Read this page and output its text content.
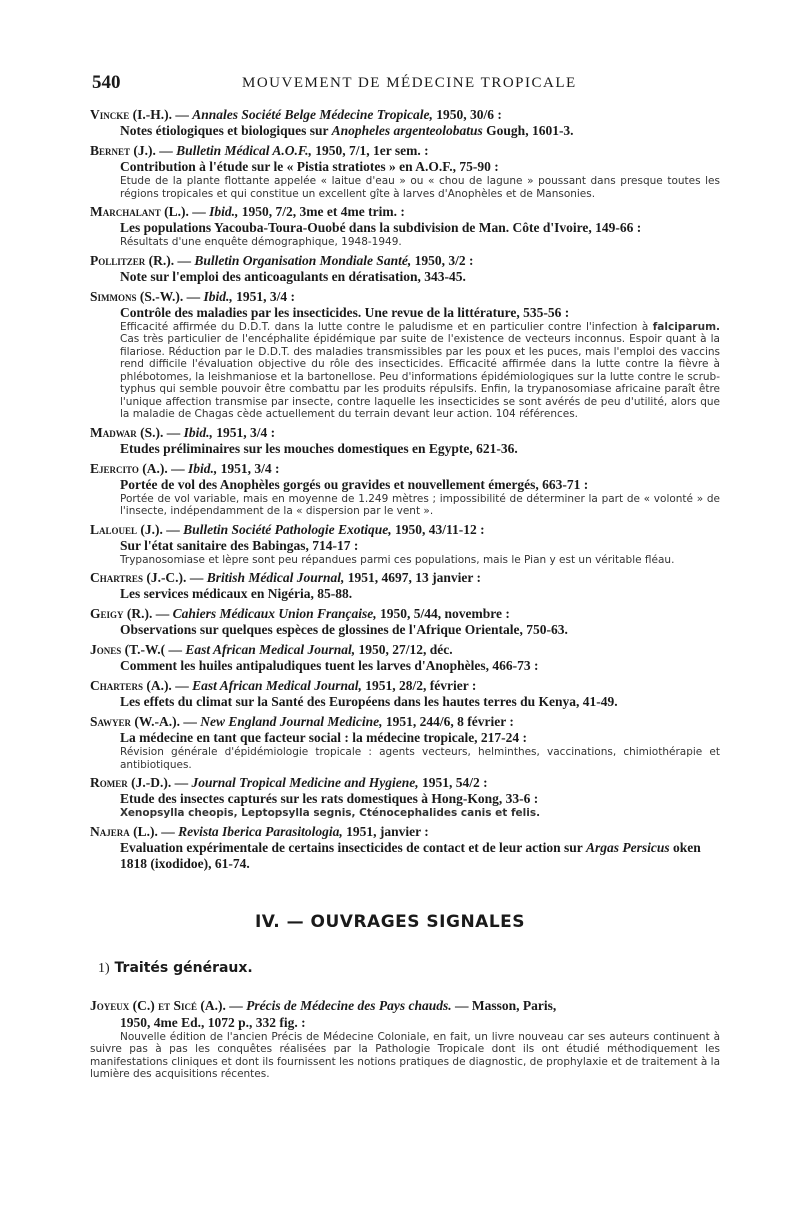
540	MOUVEMENT DE MÉDECINE TROPICALE
Vincke (I.-H.). — Annales Société Belge Médecine Tropicale, 1950, 30/6 :
Notes étiologiques et biologiques sur Anopheles argenteolobatus Gough, 1601-3.
Bernet (J.). — Bulletin Médical A.O.F., 1950, 7/1, 1er sem. :
Contribution à l'étude sur le « Pistia stratiotes » en A.O.F., 75-90 :
Etude de la plante flottante appelée « laitue d'eau » ou « chou de lagune » poussant dans presque toutes les régions tropicales et qui constitue un excellent gîte à larves d'Anophèles et de Mansonies.
Marchalant (L.). — Ibid., 1950, 7/2, 3me et 4me trim. :
Les populations Yacouba-Toura-Ouobé dans la subdivision de Man. Côte d'Ivoire, 149-66 :
Résultats d'une enquête démographique, 1948-1949.
Pollitzer (R.). — Bulletin Organisation Mondiale Santé, 1950, 3/2 :
Note sur l'emploi des anticoagulants en dératisation, 343-45.
Simmons (S.-W.). — Ibid., 1951, 3/4 :
Contrôle des maladies par les insecticides. Une revue de la littérature, 535-56 :
Efficacité affirmée du D.D.T. dans la lutte contre le paludisme et en particulier contre l'infection à falciparum. Cas très particulier de l'encéphalite épidémique par suite de l'existence de vecteurs inconnus. Espoir quant à la filariose. Réduction par le D.D.T. des maladies transmissibles par les poux et les puces, mais l'emploi des vaccins rend difficile l'évaluation objective du rôle des insecticides. Efficacité affirmée dans la lutte contre la fièvre à phlébotomes, la leishmaniose et la bartonellose. Peu d'informations épidémiologiques sur la lutte contre le scrub-typhus qui semble pouvoir être combattu par les produits répulsifs. Enfin, la trypanosomiase africaine paraît être l'unique affection transmise par insecte, contre laquelle les insecticides se sont avérés de peu d'utilité, alors que la maladie de Chagas cède actuellement du terrain devant leur action. 104 références.
Madwar (S.). — Ibid., 1951, 3/4 :
Etudes préliminaires sur les mouches domestiques en Egypte, 621-36.
Ejercito (A.). — Ibid., 1951, 3/4 :
Portée de vol des Anophèles gorgés ou gravides et nouvellement émergés, 663-71 :
Portée de vol variable, mais en moyenne de 1.249 mètres ; impossibilité de déterminer la part de « volonté » de l'insecte, indépendamment de la « dispersion par le vent ».
Lalouel (J.). — Bulletin Société Pathologie Exotique, 1950, 43/11-12 :
Sur l'état sanitaire des Babingas, 714-17 :
Trypanosomiase et lèpre sont peu répandues parmi ces populations, mais le Pian y est un véritable fléau.
Chartres (J.-C.). — British Médical Journal, 1951, 4697, 13 janvier :
Les services médicaux en Nigéria, 85-88.
Geigy (R.). — Cahiers Médicaux Union Française, 1950, 5/44, novembre :
Observations sur quelques espèces de glossines de l'Afrique Orientale, 750-63.
Jones (T.-W.( — East African Medical Journal, 1950, 27/12, déc.
Comment les huiles antipaludiques tuent les larves d'Anophèles, 466-73 :
Charters (A.). — East African Medical Journal, 1951, 28/2, février :
Les effets du climat sur la Santé des Européens dans les hautes terres du Kenya, 41-49.
Sawyer (W.-A.). — New England Journal Medicine, 1951, 244/6, 8 février :
La médecine en tant que facteur social : la médecine tropicale, 217-24 :
Révision générale d'épidémiologie tropicale : agents vecteurs, helminthes, vaccinations, chimiothérapie et antibiotiques.
Romer (J.-D.). — Journal Tropical Medicine and Hygiene, 1951, 54/2 :
Etude des insectes capturés sur les rats domestiques à Hong-Kong, 33-6 :
Xenopsylla cheopis, Leptopsylla segnis, Cténocephalides canis et felis.
Najera (L.). — Revista Iberica Parasitologia, 1951, janvier :
Evaluation expérimentale de certains insecticides de contact et de leur action sur Argas Persicus oken 1818 (ixodidoe), 61-74.
IV. — OUVRAGES SIGNALES
1) Traités généraux.
Joyeux (C.) et Sicé (A.). — Précis de Médecine des Pays chauds. — Masson, Paris,
1950, 4me Ed., 1072 p., 332 fig. :
Nouvelle édition de l'ancien Précis de Médecine Coloniale, en fait, un livre nouveau car ses auteurs continuent à suivre pas à pas les conquêtes réalisées par la Pathologie Tropicale dont ils ont étudié méthodiquement les manifestations cliniques et dont ils fournissent les notions pratiques de diagnostic, de prophylaxie et de traitement à la lumière des acquisitions récentes.
